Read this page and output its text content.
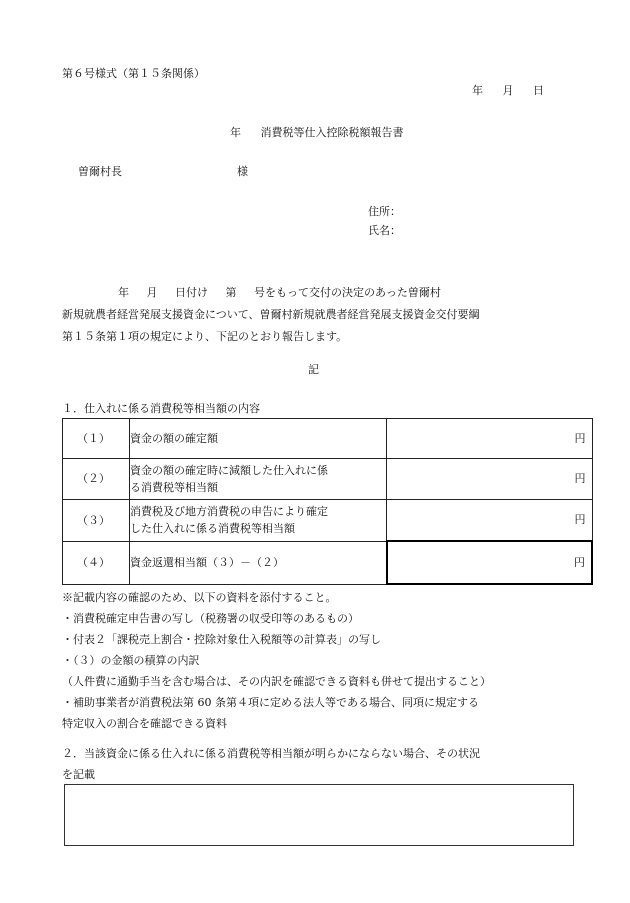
第６号様式（第１５条関係）
年 月 日
年 消費税等仕入控除税額報告書
曽爾村長	様
住所：
氏名：
年 月 日付け 第 号をもって交付の決定のあった曽爾村
新規就農者経営発展支援資金について、曽爾村新規就農者経営発展支援資金交付要綱
第１５条第１項の規定により、下記のとおり報告します。
記
１．仕入れに係る消費税等相当額の内容
（１）	資金の額の確定額	円
（２）	資金の額の確定時に減額した仕入れに係
る消費税等相当額	円
（３）	消費税及び地方消費税の申告により確定
した仕入れに係る消費税等相当額	円
（４）	資金返還相当額（３）－（２）	円
※記載内容の確認のため、以下の資料を添付すること。
・消費税確定申告書の写し（税務署の収受印等のあるもの）
・付表２「課税売上割合・控除対象仕入税額等の計算表」の写し
・（３）の金額の積算の内訳
（人件費に通勤手当を含む場合は、その内訳を確認できる資料も併せて提出すること）
・補助事業者が消費税法第 60 条第４項に定める法人等である場合、同項に規定する
特定収入の割合を確認できる資料
２．当該資金に係る仕入れに係る消費税等相当額が明らかにならない場合、その状況
を記載
